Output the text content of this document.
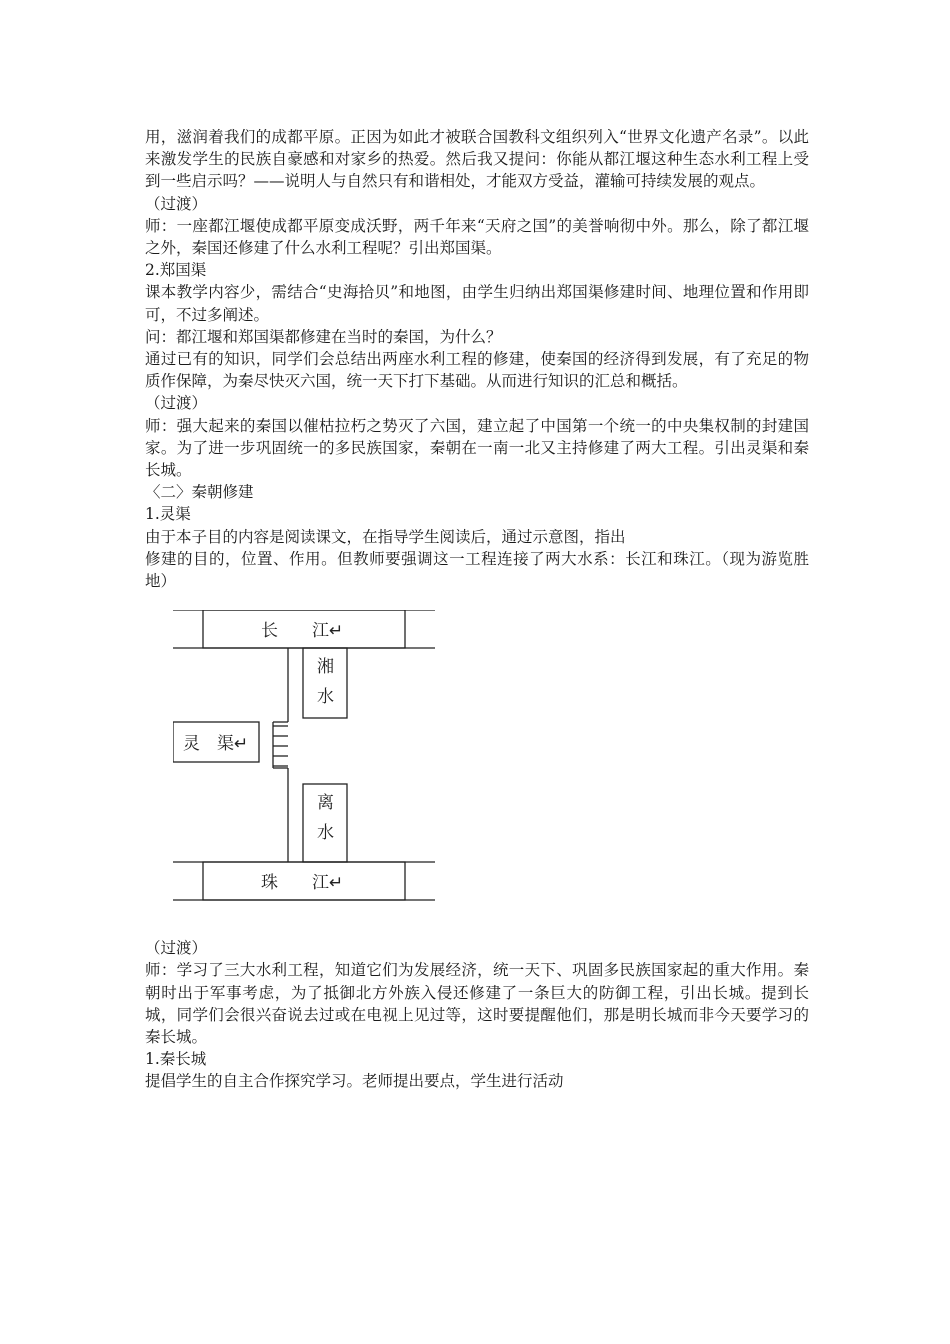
用，滋润着我们的成都平原。正因为如此才被联合国教科文组织列入“世界文化遗产名录”。以此来激发学生的民族自豪感和对家乡的热爱。然后我又提问：你能从都江堰这种生态水利工程上受到一些启示吗？——说明人与自然只有和谐相处，才能双方受益，灌输可持续发展的观点。

（过渡）

师：一座都江堰使成都平原变成沃野，两千年来“天府之国”的美誉响彻中外。那么，除了都江堰之外，秦国还修建了什么水利工程呢？引出郑国渠。

2.郑国渠

课本教学内容少，需结合“史海拾贝”和地图，由学生归纳出郑国渠修建时间、地理位置和作用即可，不过多阐述。

问：都江堰和郑国渠都修建在当时的秦国，为什么？

通过已有的知识，同学们会总结出两座水利工程的修建，使秦国的经济得到发展，有了充足的物质作保障，为秦尽快灭六国，统一天下打下基础。从而进行知识的汇总和概括。

（过渡）

师：强大起来的秦国以催枯拉朽之势灭了六国，建立起了中国第一个统一的中央集权制的封建国家。为了进一步巩固统一的多民族国家，秦朝在一南一北又主持修建了两大工程。引出灵渠和秦长城。

〈二〉秦朝修建

1.灵渠

由于本子目的内容是阅读课文，在指导学生阅读后，通过示意图，指出

修建的目的，位置、作用。但教师要强调这一工程连接了两大水系：长江和珠江。（现为游览胜地）

长　　江↵
湘
水
灵　渠↵
离
水
珠　　江↵

（过渡）

师：学习了三大水利工程，知道它们为发展经济，统一天下、巩固多民族国家起的重大作用。秦朝时出于军事考虑，为了抵御北方外族入侵还修建了一条巨大的防御工程，引出长城。提到长城，同学们会很兴奋说去过或在电视上见过等，这时要提醒他们，那是明长城而非今天要学习的秦长城。

1.秦长城

提倡学生的自主合作探究学习。老师提出要点，学生进行活动
